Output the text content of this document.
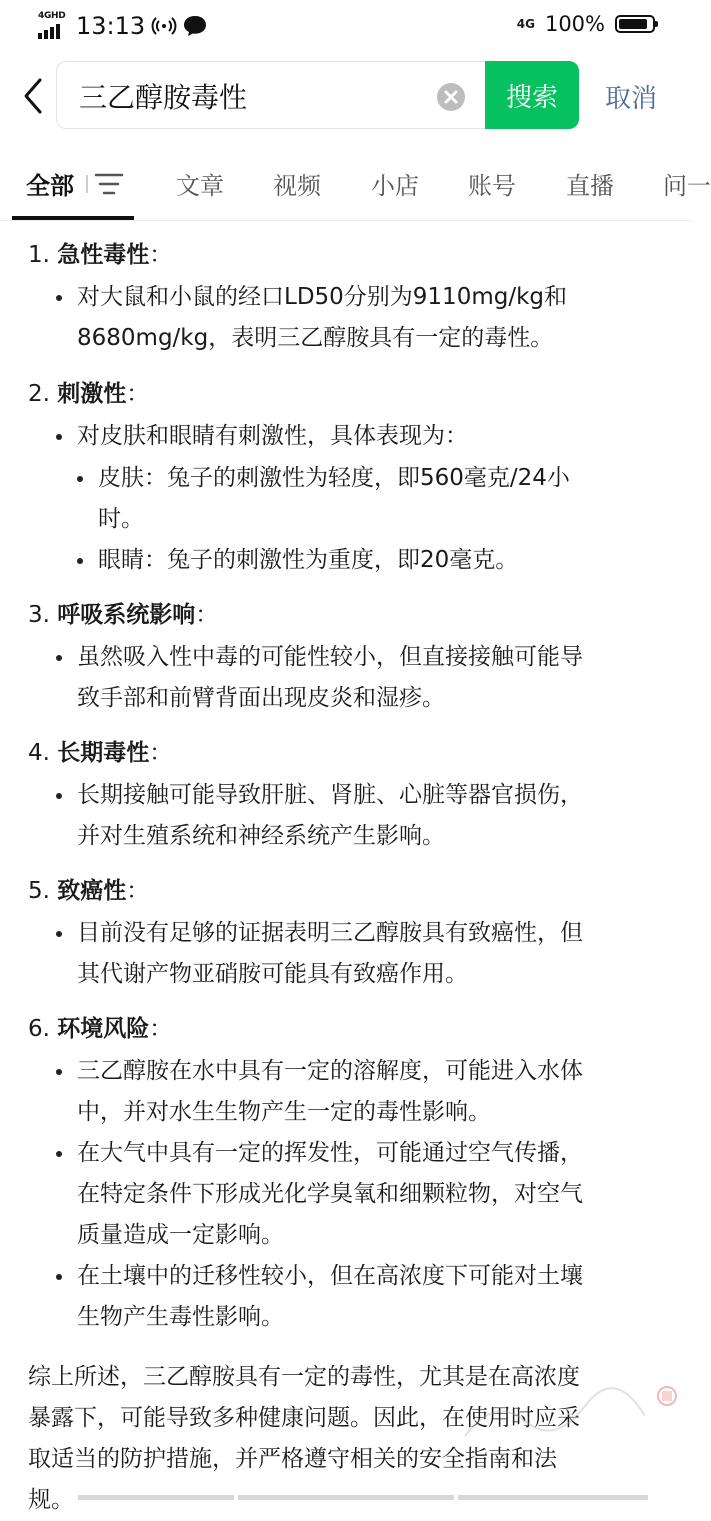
4GHD 13:13	4G 100%
三乙醇胺毒性
搜索	取消
全部	文章 视频 小店 账号 直播 问一
1. 急性毒性：
对大鼠和小鼠的经口LD50分别为9110mg/kg和
8680mg/kg，表明三乙醇胺具有一定的毒性。
2. 刺激性：
对皮肤和眼睛有刺激性，具体表现为：
皮肤：兔子的刺激性为轻度，即560毫克/24小
时。
眼睛：兔子的刺激性为重度，即20毫克。
3. 呼吸系统影响：
虽然吸入性中毒的可能性较小，但直接接触可能导
致手部和前臂背面出现皮炎和湿疹。
4. 长期毒性：
长期接触可能导致肝脏、肾脏、心脏等器官损伤，
并对生殖系统和神经系统产生影响。
5. 致癌性：
目前没有足够的证据表明三乙醇胺具有致癌性，但
其代谢产物亚硝胺可能具有致癌作用。
6. 环境风险：
三乙醇胺在水中具有一定的溶解度，可能进入水体
中，并对水生生物产生一定的毒性影响。
在大气中具有一定的挥发性，可能通过空气传播，
在特定条件下形成光化学臭氧和细颗粒物，对空气
质量造成一定影响。
在土壤中的迁移性较小，但在高浓度下可能对土壤
生物产生毒性影响。
综上所述，三乙醇胺具有一定的毒性，尤其是在高浓度
暴露下，可能导致多种健康问题。因此，在使用时应采
取适当的防护措施，并严格遵守相关的安全指南和法
规。
